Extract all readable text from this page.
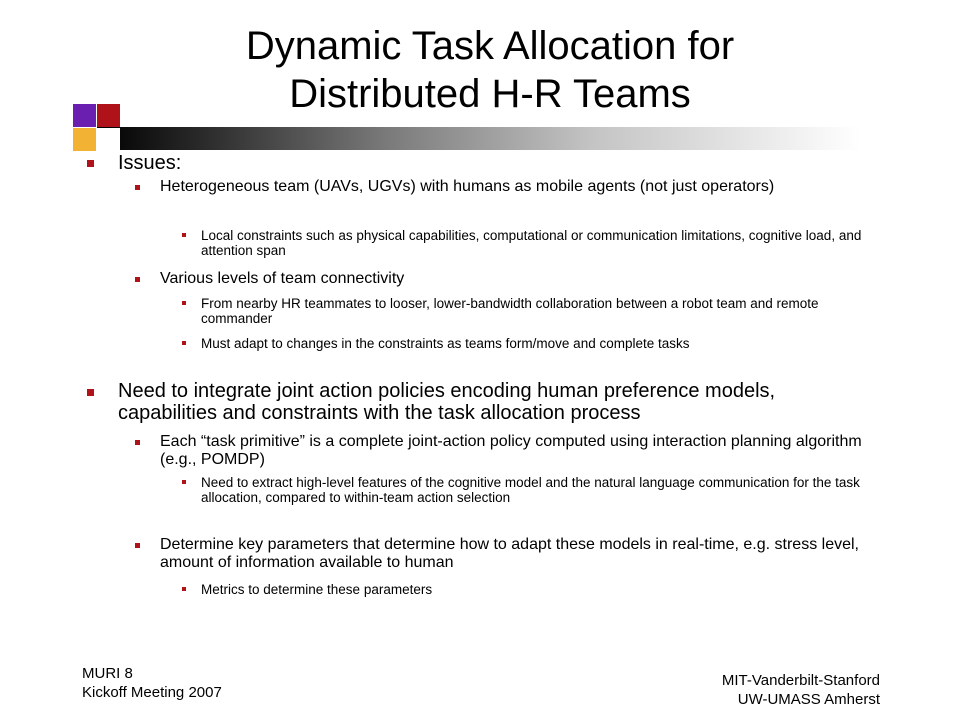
Dynamic Task Allocation for
Distributed H-R Teams
Issues:
Heterogeneous team (UAVs, UGVs) with humans as mobile agents (not just operators)
Local constraints such as physical capabilities, computational or communication limitations, cognitive load, and attention span
Various levels of team connectivity
From nearby HR teammates to looser, lower-bandwidth collaboration between a robot team and remote commander
Must adapt to changes in the constraints as teams form/move and complete tasks
Need to integrate joint action policies encoding human preference models, capabilities and constraints with the task allocation process
Each “task primitive” is a complete joint-action policy computed using interaction planning algorithm (e.g., POMDP)
Need to extract high-level features of the cognitive model and the natural language communication for the task allocation, compared to within-team action selection
Determine key parameters that determine how to adapt these models in real-time, e.g. stress level, amount of information available to human
Metrics to determine these parameters
MURI 8
Kickoff Meeting 2007
MIT-Vanderbilt-Stanford
UW-UMASS Amherst
